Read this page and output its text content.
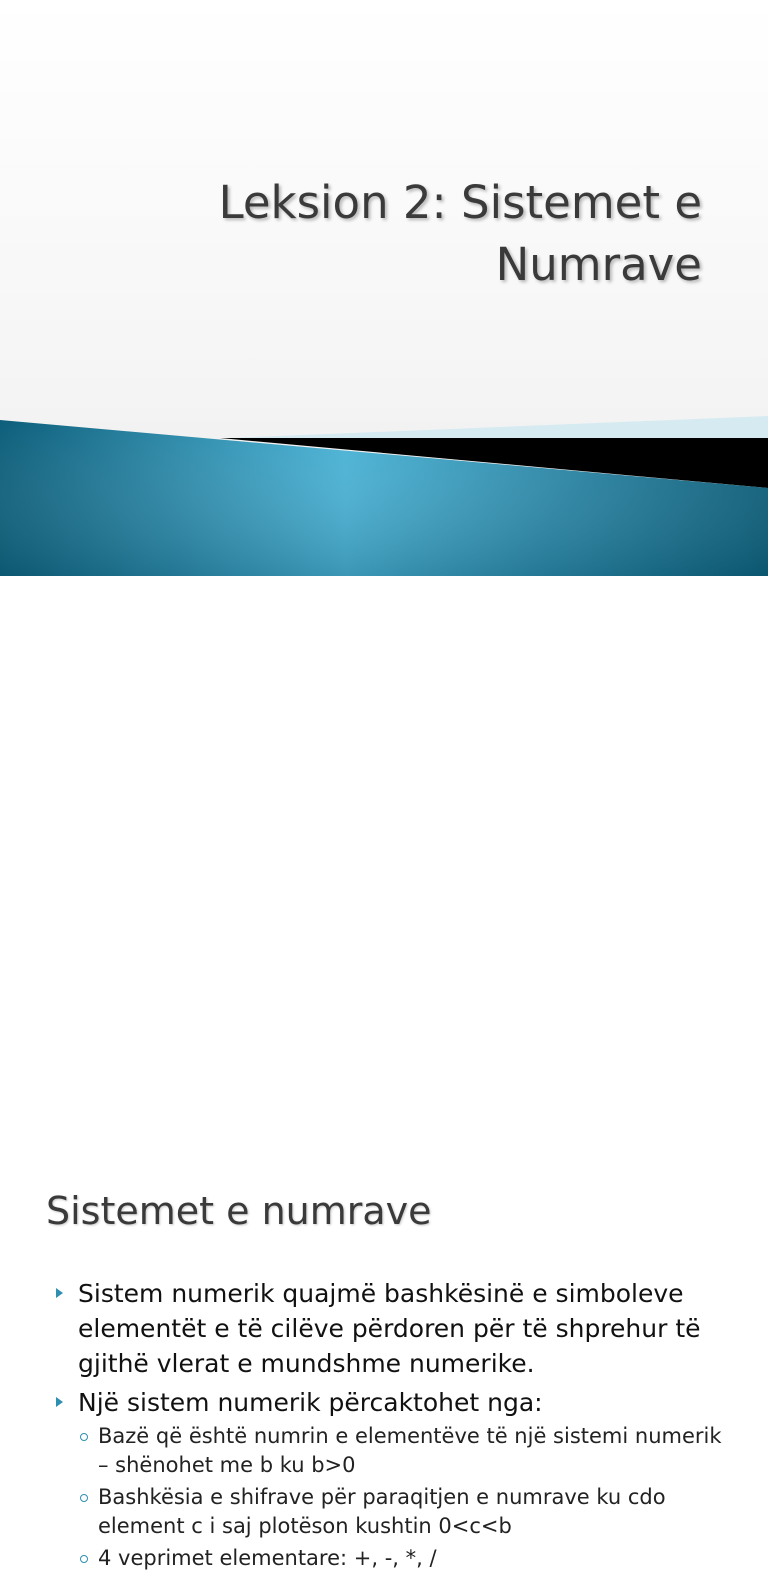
Leksion 2: Sistemet e
Numrave
Sistemet e numrave
Sistem numerik quajmë bashkësinë e simboleve elementët e të cilëve përdoren për të shprehur të gjithë vlerat e mundshme numerike.
Një sistem numerik përcaktohet nga:
Bazë që është numrin e elementëve të një sistemi numerik – shënohet me b ku b>0
Bashkësia e shifrave për paraqitjen e numrave ku cdo element c i saj plotëson kushtin 0<c<b
4 veprimet elementare: +, -, *, /
